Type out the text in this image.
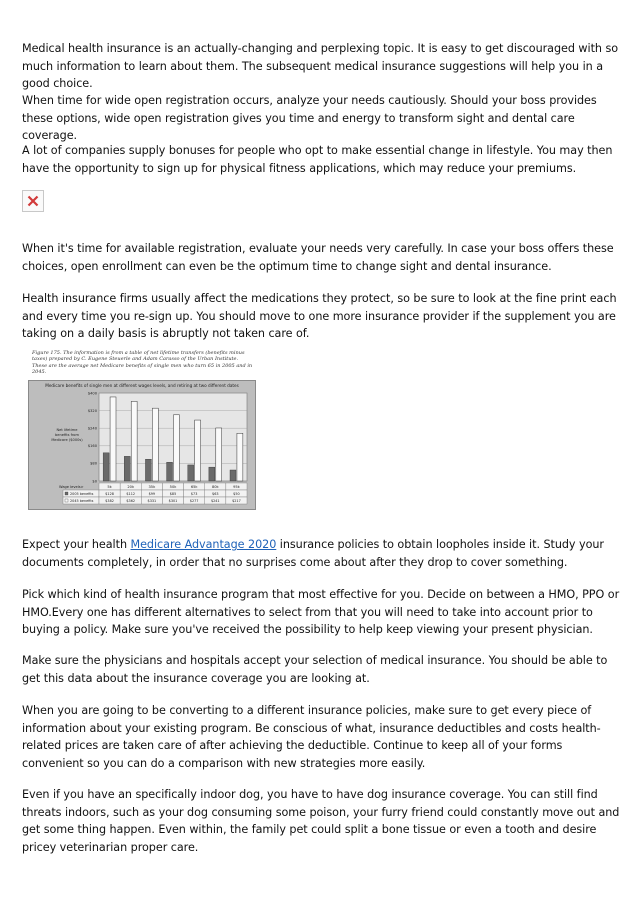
Medical health insurance is an actually-changing and perplexing topic. It is easy to get discouraged with so much information to learn about them. The subsequent medical insurance suggestions will help you in a good choice.

When time for wide open registration occurs, analyze your needs cautiously. Should your boss provides these options, wide open registration gives you time and energy to transform sight and dental care coverage.

A lot of companies supply bonuses for people who opt to make essential change in lifestyle. You may then have the opportunity to sign up for physical fitness applications, which may reduce your premiums.

When it's time for available registration, evaluate your needs very carefully. In case your boss offers these choices, open enrollment can even be the optimum time to change sight and dental insurance.

Health insurance firms usually affect the medications they protect, so be sure to look at the fine print each and every time you re-sign up. You should move to one more insurance provider if the supplement you are taking on a daily basis is abruptly not taken care of.

Figure 175. The information is from a table of net lifetime transfers (benefits minus taxes) prepared by C. Eugene Steuerle and Adam Carasso of the Urban Institute. These are the average net Medicare benefits of single men who turn 65 in 2005 and in 2045.
Medicare benefits of single men at different wages levels, and retiring at two different dates
$0
$80
$160
$240
$320
$400
Net lifetime
benefits from
Medicare ($000s)
Wage levels>	5k	20k	35k	50k	65k	80k	95k
2005 benefits	$128	$112	$99	$85	$73	$63	$50
2045 benefits	$382	$362	$331	$301	$277	$241	$217

Expect your health Medicare Advantage 2020 insurance policies to obtain loopholes inside it. Study your documents completely, in order that no surprises come about after they drop to cover something.

Pick which kind of health insurance program that most effective for you. Decide on between a HMO, PPO or HMO.Every one has different alternatives to select from that you will need to take into account prior to buying a policy. Make sure you've received the possibility to help keep viewing your present physician.

Make sure the physicians and hospitals accept your selection of medical insurance. You should be able to get this data about the insurance coverage you are looking at.

When you are going to be converting to a different insurance policies, make sure to get every piece of information about your existing program. Be conscious of what, insurance deductibles and costs health-related prices are taken care of after achieving the deductible. Continue to keep all of your forms convenient so you can do a comparison with new strategies more easily.

Even if you have an specifically indoor dog, you have to have dog insurance coverage. You can still find threats indoors, such as your dog consuming some poison, your furry friend could constantly move out and get some thing happen. Even within, the family pet could split a bone tissue or even a tooth and desire pricey veterinarian proper care.
